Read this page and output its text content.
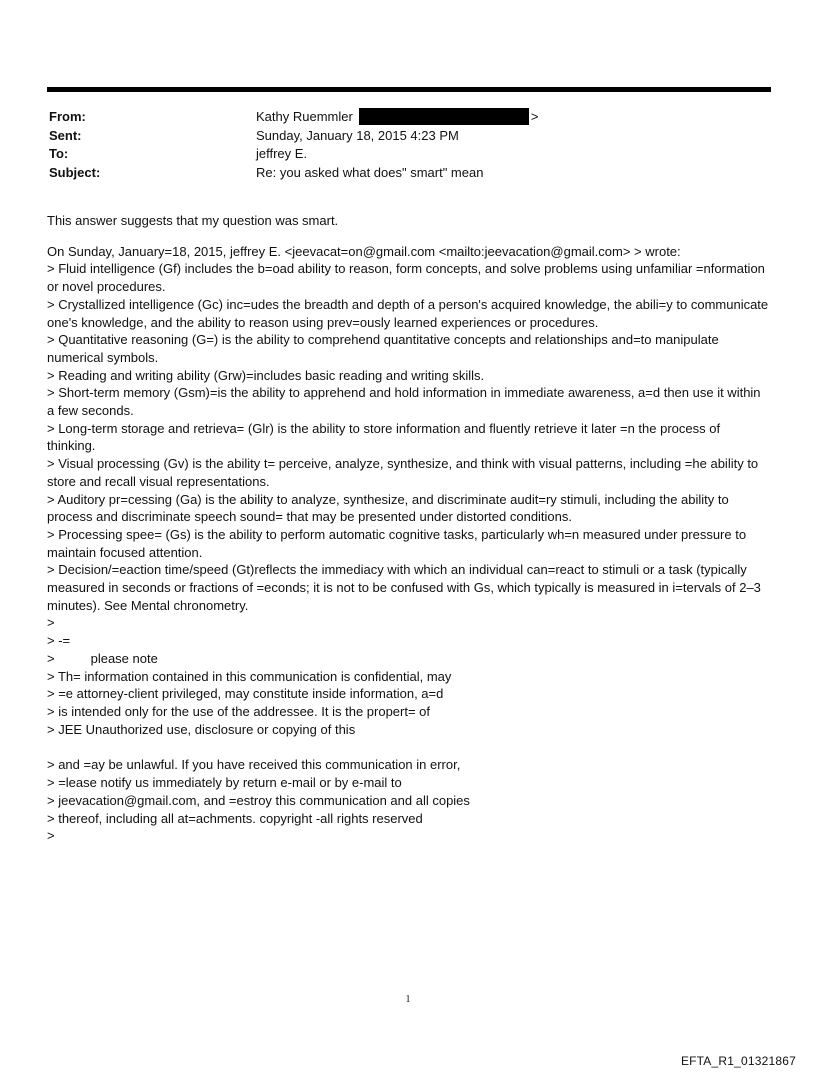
From:	Kathy Ruemmler	>
Sent:	Sunday, January 18, 2015 4:23 PM
To:	jeffrey E.
Subject:	Re: you asked what does" smart" mean

This answer suggests that my question was smart.

On Sunday, January=18, 2015, jeffrey E. <jeevacat=on@gmail.com <mailto:jeevacation@gmail.com> > wrote:

> Fluid intelligence (Gf) includes the b=oad ability to reason, form concepts, and solve problems using unfamiliar =nformation or novel procedures.
> Crystallized intelligence (Gc) inc=udes the breadth and depth of a person's acquired knowledge, the abili=y to communicate one's knowledge, and the ability to reason using prev=ously learned experiences or procedures.
> Quantitative reasoning (G=) is the ability to comprehend quantitative concepts and relationships and=to manipulate numerical symbols.
> Reading and writing ability (Grw)=includes basic reading and writing skills.
> Short-term memory (Gsm)=is the ability to apprehend and hold information in immediate awareness, a=d then use it within a few seconds.
> Long-term storage and retrieva= (Glr) is the ability to store information and fluently retrieve it later =n the process of thinking.
> Visual processing (Gv) is the ability t= perceive, analyze, synthesize, and think with visual patterns, including =he ability to store and recall visual representations.
> Auditory pr=cessing (Ga) is the ability to analyze, synthesize, and discriminate audit=ry stimuli, including the ability to process and discriminate speech sound= that may be presented under distorted conditions.
> Processing spee= (Gs) is the ability to perform automatic cognitive tasks, particularly wh=n measured under pressure to maintain focused attention.
> Decision/=eaction time/speed (Gt)reflects the immediacy with which an individual can=react to stimuli or a task (typically measured in seconds or fractions of =econds; it is not to be confused with Gs, which typically is measured in i=tervals of 2–3 minutes). See Mental chronometry.
>
> -=
>	please note
> Th= information contained in this communication is confidential, may
> =e attorney-client privileged, may constitute inside information, a=d
> is intended only for the use of the addressee. It is the propert= of
> JEE Unauthorized use, disclosure or copying of this
> and =ay be unlawful. If you have received this communication in error,
> =lease notify us immediately by return e-mail or by e-mail to
> jeevacation@gmail.com, and =estroy this communication and all copies
> thereof, including all at=achments. copyright -all rights reserved
>
1
EFTA_R1_01321867
